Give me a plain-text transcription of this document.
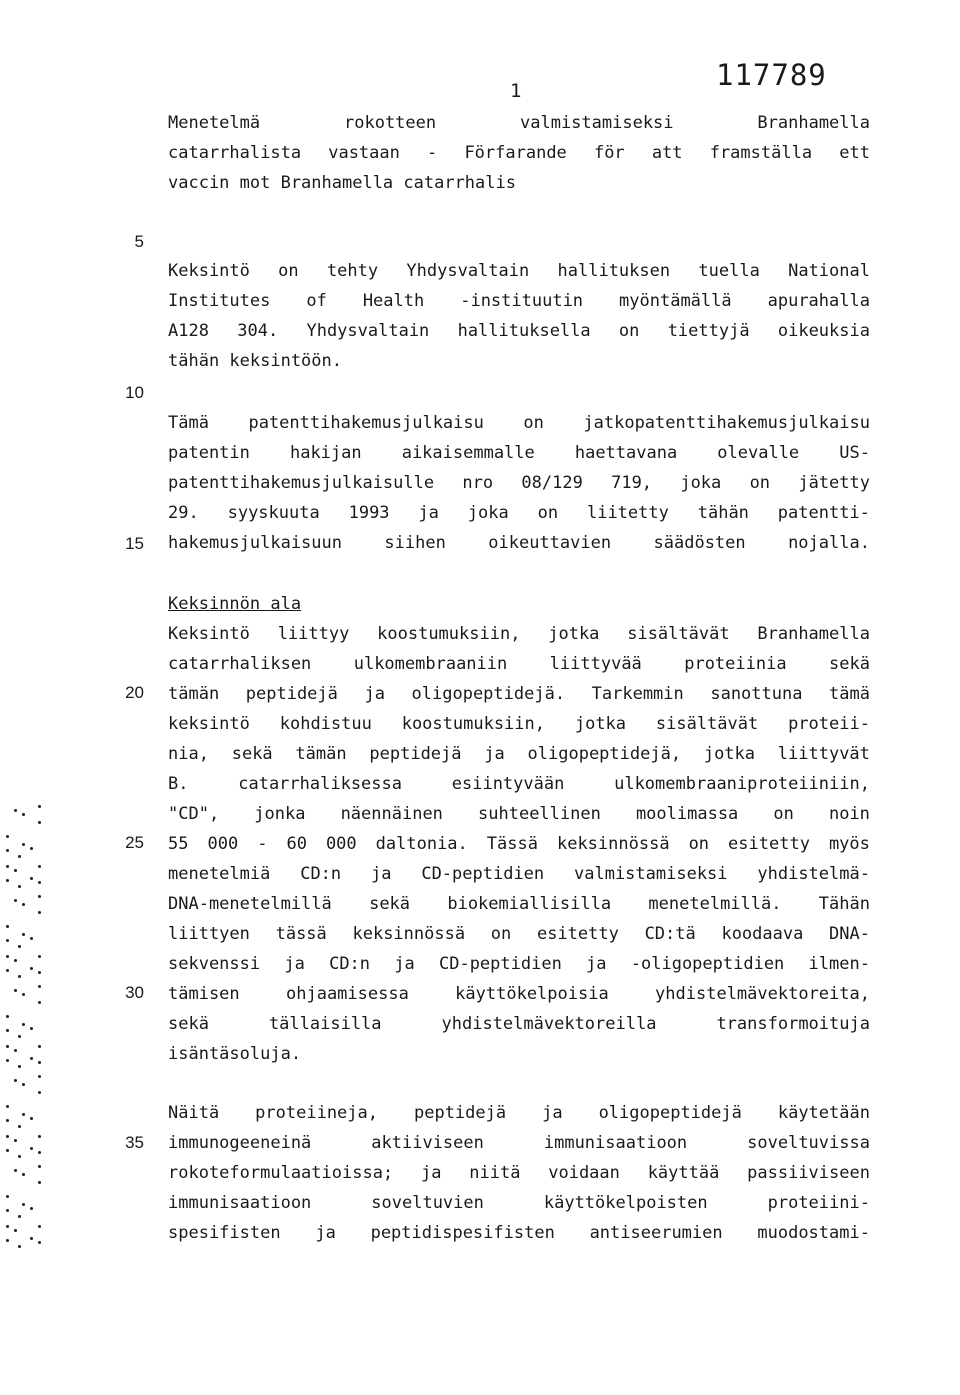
1	117789
5
10
15
20
25
30
35
Menetelmä	rokotteen	valmistamiseksi	Branhamella
catarrhalista vastaan - Förfarande för att framställa ett
vaccin mot Branhamella catarrhalis
Keksintö on tehty Yhdysvaltain hallituksen tuella National
Institutes of Health -instituutin myöntämällä apurahalla
A128 304. Yhdysvaltain hallituksella on tiettyjä oikeuksia
tähän keksintöön.
Tämä patenttihakemusjulkaisu on jatkopatenttihakemusjulkaisu
patentin hakijan aikaisemmalle haettavana olevalle US-
patenttihakemusjulkaisulle nro 08/129 719, joka on jätetty
29. syyskuuta 1993 ja joka on liitetty tähän patentti-
hakemusjulkaisuun siihen oikeuttavien säädösten nojalla.
Keksintö liittyy koostumuksiin, jotka sisältävät Branhamella
catarrhaliksen ulkomembraaniin liittyvää proteiinia sekä
tämän peptidejä ja oligopeptidejä. Tarkemmin sanottuna tämä
keksintö kohdistuu koostumuksiin, jotka sisältävät proteii-
nia, sekä tämän peptidejä ja oligopeptidejä, jotka liittyvät
B.	catarrhaliksessa	esiintyvään	ulkomembraaniproteiiniin,
"CD", jonka näennäinen suhteellinen moolimassa on noin
55 000 - 60 000 daltonia. Tässä keksinnössä on esitetty myös
menetelmiä CD:n ja CD-peptidien valmistamiseksi yhdistelmä-
DNA-menetelmillä sekä biokemiallisilla menetelmillä. Tähän
liittyen tässä keksinnössä on esitetty CD:tä koodaava DNA-
sekvenssi ja CD:n ja CD-peptidien ja -oligopeptidien ilmen-
tämisen	ohjaamisessa	käyttökelpoisia	yhdistelmävektoreita,
sekä	tällaisilla	yhdistelmävektoreilla	transformoituja
isäntäsoluja.
Näitä proteiineja, peptidejä ja oligopeptidejä käytetään
immunogeeneinä	aktiiviseen	immunisaatioon	soveltuvissa
rokoteformulaatioissa; ja niitä voidaan käyttää passiiviseen
immunisaatioon	soveltuvien	käyttökelpoisten	proteiini-
spesifisten ja peptidispesifisten antiseerumien muodostami-
Keksinnön ala
